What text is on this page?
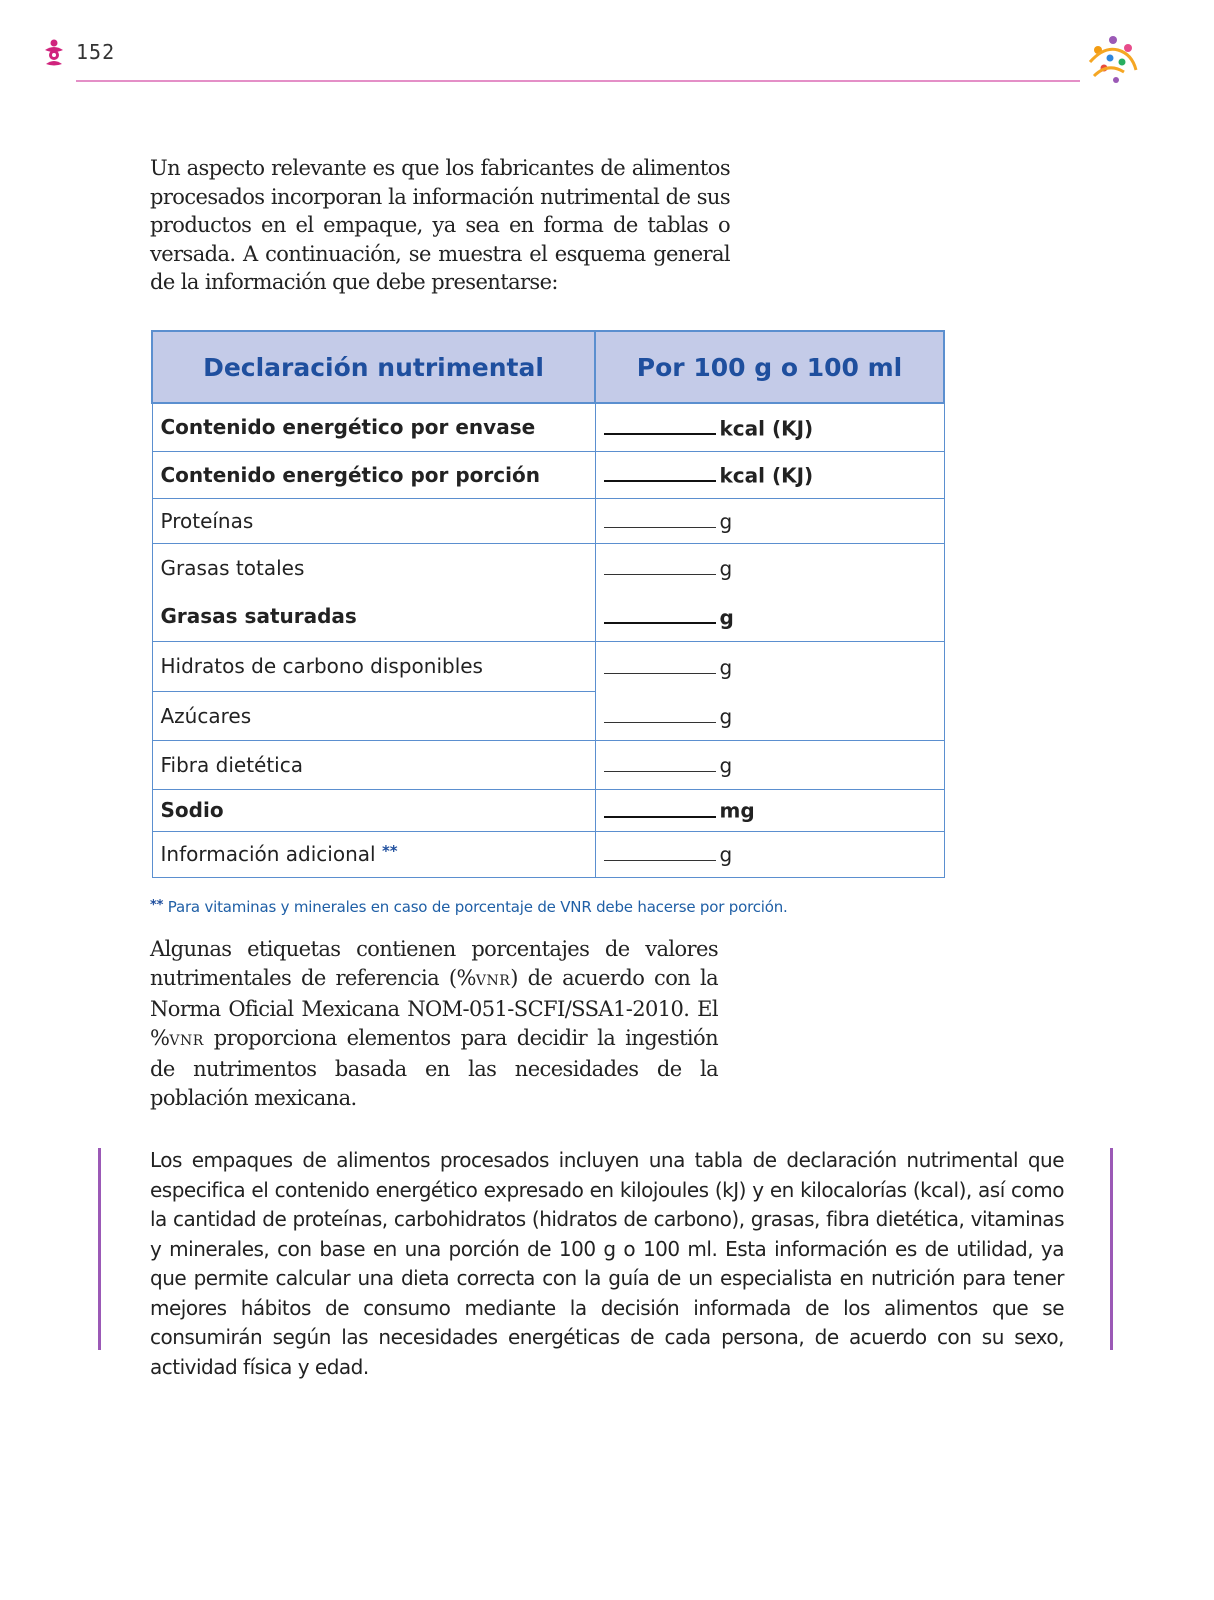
152
Un aspecto relevante es que los fabricantes de alimentos procesados incorporan la información nutrimental de sus productos en el empaque, ya sea en forma de tablas o versada. A continuación, se muestra el esquema general de la información que debe presentarse:
Declaración nutrimental	Por 100 g o 100 ml
Contenido energético por envase	kcal (KJ)
Contenido energético por porción	kcal (KJ)
Proteínas	g
Grasas totales	g
Grasas saturadas	g
Hidratos de carbono disponibles	g
Azúcares	g
Fibra dietética	g
Sodio	mg
Información adicional **	g
** Para vitaminas y minerales en caso de porcentaje de VNR debe hacerse por porción.
Algunas etiquetas contienen porcentajes de valores nutrimentales de referencia (%VNR) de acuerdo con la Norma Oficial Mexicana NOM-051-SCFI/SSA1-2010. El %VNR proporciona elementos para decidir la ingestión de nutrimentos basada en las necesidades de la población mexicana.
Los empaques de alimentos procesados incluyen una tabla de declaración nutrimental que especifica el contenido energético expresado en kilojoules (kJ) y en kilocalorías (kcal), así como la cantidad de proteínas, carbohidratos (hidratos de carbono), grasas, fibra dietética, vitaminas y minerales, con base en una porción de 100 g o 100 ml. Esta información es de utilidad, ya que permite calcular una dieta correcta con la guía de un especialista en nutrición para tener mejores hábitos de consumo mediante la decisión informada de los alimentos que se consumirán según las necesidades energéticas de cada persona, de acuerdo con su sexo, actividad física y edad.
